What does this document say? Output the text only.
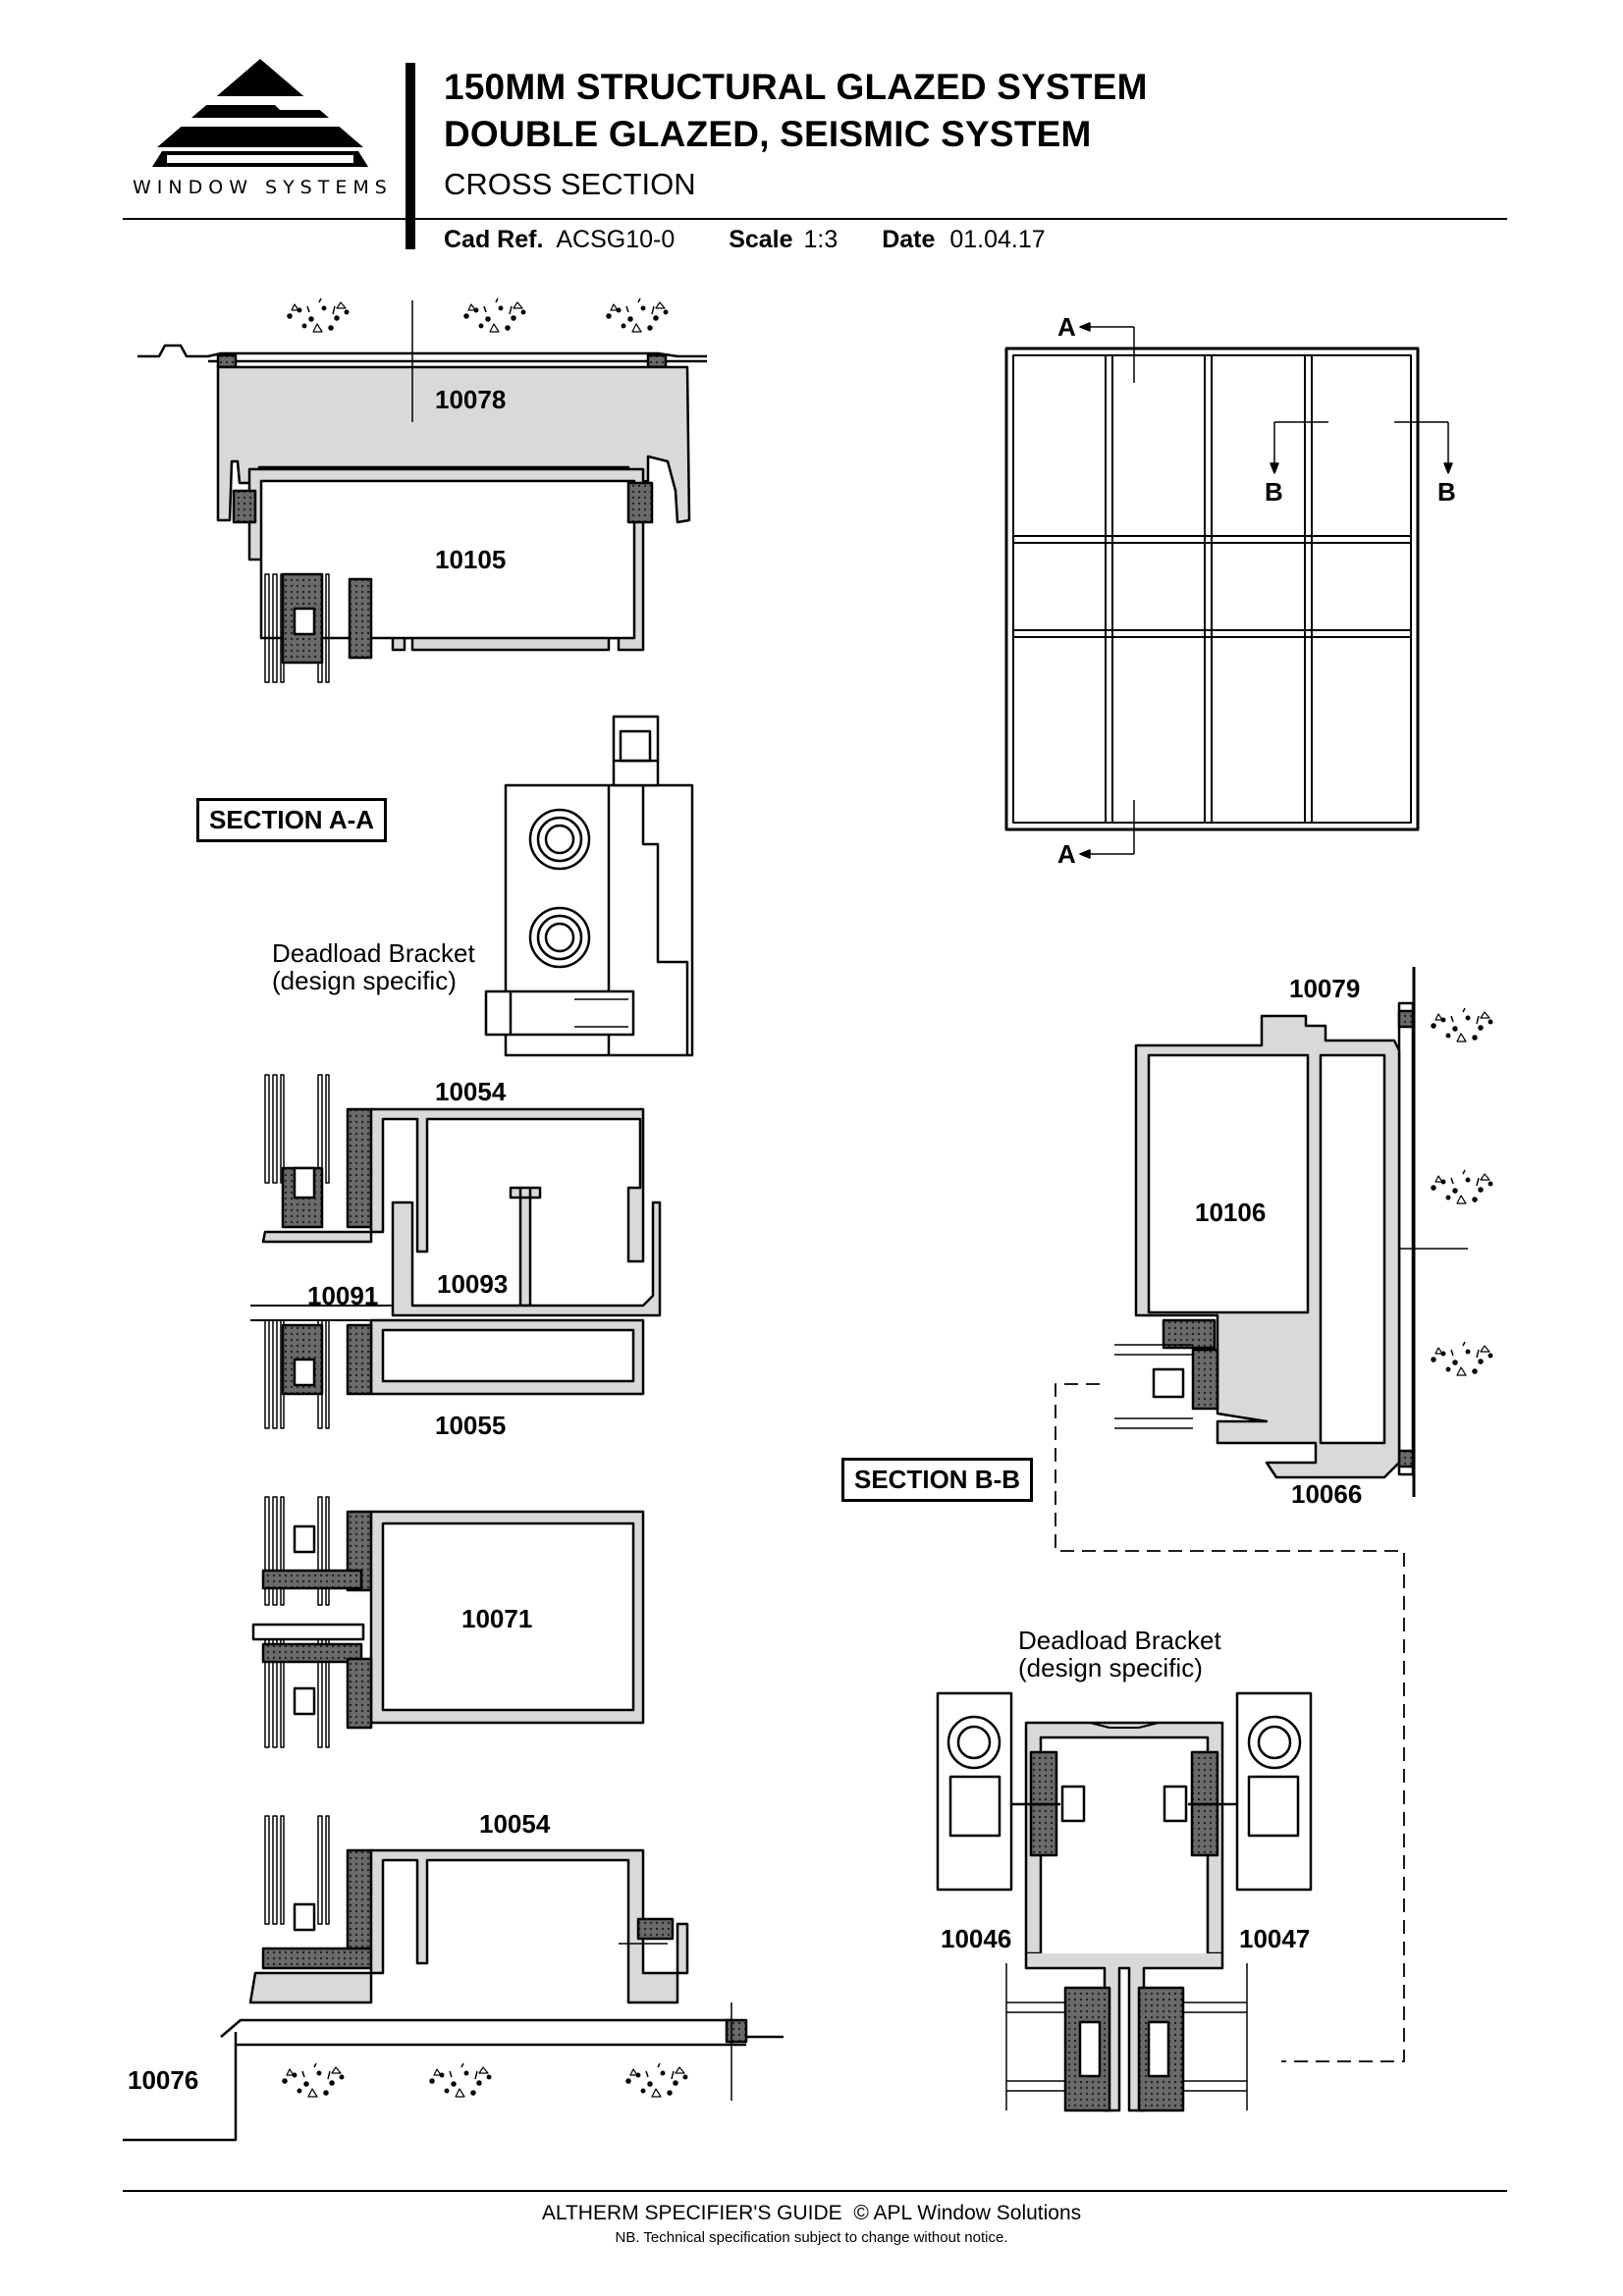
WINDOW SYSTEMS
150MM STRUCTURAL GLAZED SYSTEM
DOUBLE GLAZED, SEISMIC SYSTEM
CROSS SECTION
Cad Ref. ACSG10-0 Scale 1:3 Date 01.04.17
10078
10105
SECTION A-A
Deadload Bracket
(design specific)
10054
10091 10093
10055
10071
10054
10076
A
A
B	B
10079
10106
SECTION B-B	10066
Deadload Bracket
(design specific)
10046	10047
ALTHERM SPECIFIER'S GUIDE  © APL Window Solutions
NB. Technical specification subject to change without notice.
